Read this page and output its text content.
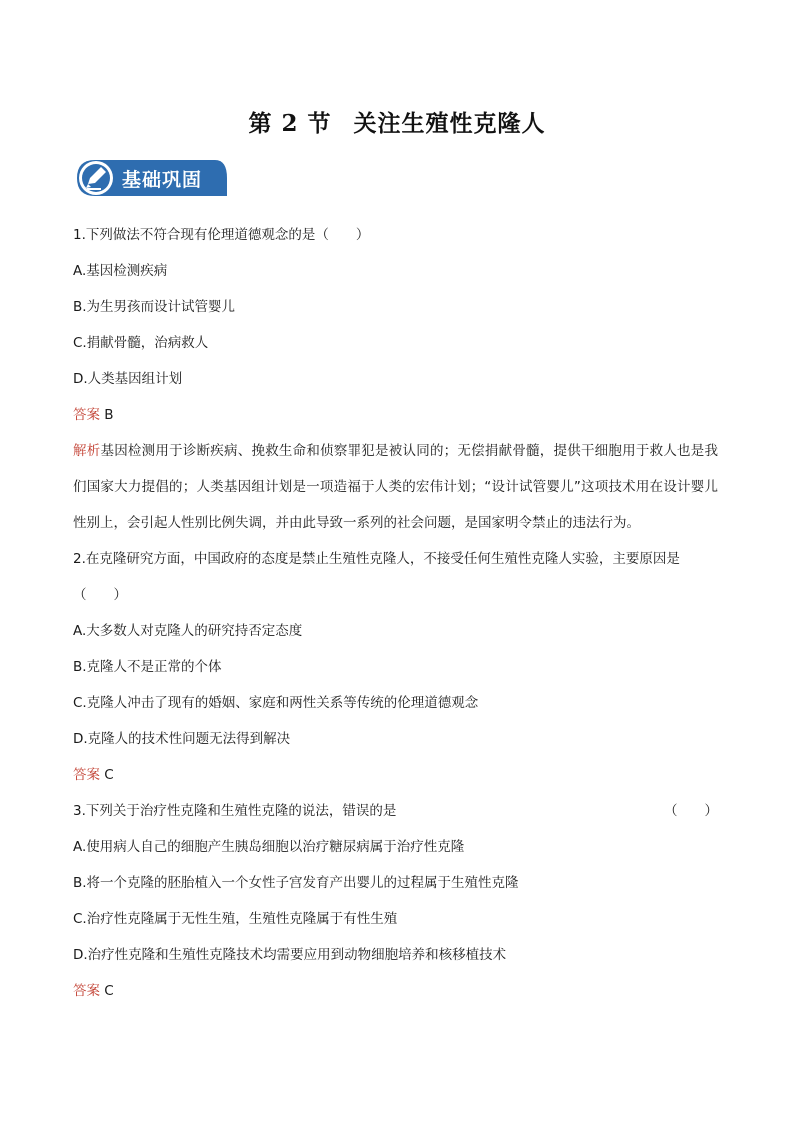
第 2 节 关注生殖性克隆人
基础巩固
1.下列做法不符合现有伦理道德观念的是（　　）
A.基因检测疾病
B.为生男孩而设计试管婴儿
C.捐献骨髓，治病救人
D.人类基因组计划
答案 B
解析基因检测用于诊断疾病、挽救生命和侦察罪犯是被认同的；无偿捐献骨髓，提供干细胞用于救人也是我们国家大力提倡的；人类基因组计划是一项造福于人类的宏伟计划；“设计试管婴儿”这项技术用在设计婴儿性别上，会引起人性别比例失调，并由此导致一系列的社会问题，是国家明令禁止的违法行为。
2.在克隆研究方面，中国政府的态度是禁止生殖性克隆人，不接受任何生殖性克隆人实验，主要原因是
（　　）
A.大多数人对克隆人的研究持否定态度
B.克隆人不是正常的个体
C.克隆人冲击了现有的婚姻、家庭和两性关系等传统的伦理道德观念
D.克隆人的技术性问题无法得到解决
答案 C
3.下列关于治疗性克隆和生殖性克隆的说法，错误的是	（　　）
A.使用病人自己的细胞产生胰岛细胞以治疗糖尿病属于治疗性克隆
B.将一个克隆的胚胎植入一个女性子宫发育产出婴儿的过程属于生殖性克隆
C.治疗性克隆属于无性生殖，生殖性克隆属于有性生殖
D.治疗性克隆和生殖性克隆技术均需要应用到动物细胞培养和核移植技术
答案 C
